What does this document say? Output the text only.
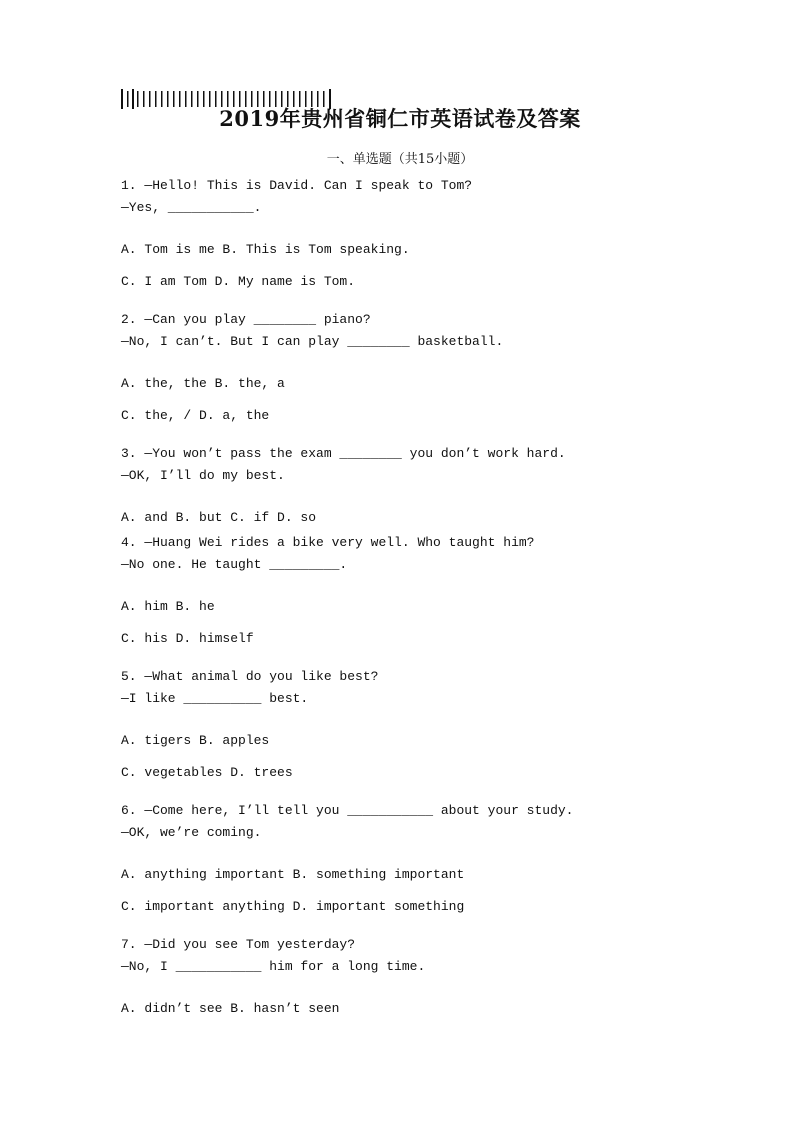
2019年贵州省铜仁市英语试卷及答案
一、单选题（共15小题）
1. —Hello! This is David. Can I speak to Tom?
—Yes, ___________.
A. Tom is me B. This is Tom speaking.
C. I am Tom D. My name is Tom.
2. —Can you play ________ piano?
—No, I can’t. But I can play ________ basketball.
A. the, the B. the, a
C. the, / D. a, the
3. —You won’t pass the exam ________ you don’t work hard.
—OK, I’ll do my best.
A. and B. but C. if D. so
4. —Huang Wei rides a bike very well. Who taught him?
—No one. He taught _________.
A. him B. he
C. his D. himself
5. —What animal do you like best?
—I like __________ best.
A. tigers B. apples
C. vegetables D. trees
6. —Come here, I’ll tell you ___________ about your study.
—OK, we’re coming.
A. anything important B. something important
C. important anything D. important something
7. —Did you see Tom yesterday?
—No, I ___________ him for a long time.
A. didn’t see B. hasn’t seen
